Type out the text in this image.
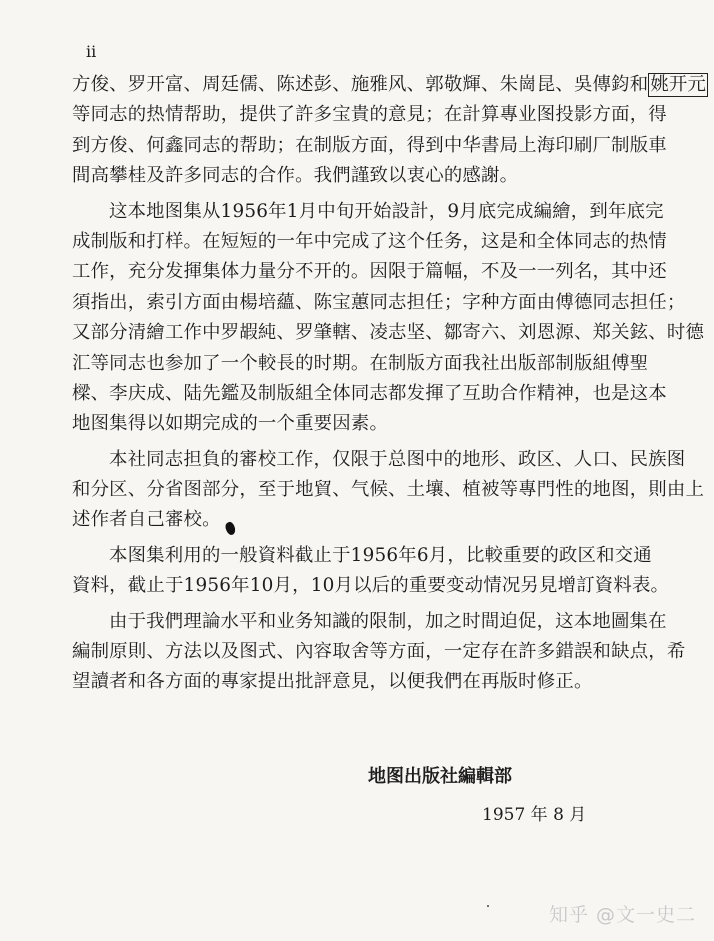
ii
方俊、罗开富、周廷儒、陈述彭、施雅风、郭敬輝、朱崗昆、吳傳鈞和 姚开元
等同志的热情帮助，提供了許多宝貴的意見；在計算專业图投影方面，得
到方俊、何鑫同志的帮助；在制版方面，得到中华書局上海印刷厂制版車
間高攀桂及許多同志的合作。我們謹致以衷心的感謝。
这本地图集从1956年1月中旬开始設計，9月底完成編繪，到年底完
成制版和打样。在短短的一年中完成了这个任务，这是和全体同志的热情
工作，充分发揮集体力量分不开的。因限于篇幅，不及一一列名，其中还
須指出，索引方面由楊培蘊、陈宝蕙同志担任；字种方面由傅德同志担任；
又部分清繪工作中罗嘏純、罗肇轄、凌志坚、鄒寄六、刘恩源、郑关鉉、时德
汇等同志也参加了一个較長的时期。在制版方面我社出版部制版組傅聖
樑、李庆成、陆先鑑及制版組全体同志都发揮了互助合作精神，也是这本
地图集得以如期完成的一个重要因素。
本社同志担負的審校工作，仅限于总图中的地形、政区、人口、民族图
和分区、分省图部分，至于地貿、气候、土壤、植被等專門性的地图，則由上
述作者自己審校。
本图集利用的一般資料截止于1956年6月，比較重要的政区和交通
資料，截止于1956年10月，10月以后的重要变动情况另見增訂資料表。
由于我們理論水平和业务知識的限制，加之时間迫促，这本地圖集在
編制原則、方法以及图式、內容取舍等方面，一定存在許多錯誤和缺点，希
望讀者和各方面的專家提出批評意見，以便我們在再版时修正。
地图出版社編輯部
1957 年 8 月
知乎 @文一史二
